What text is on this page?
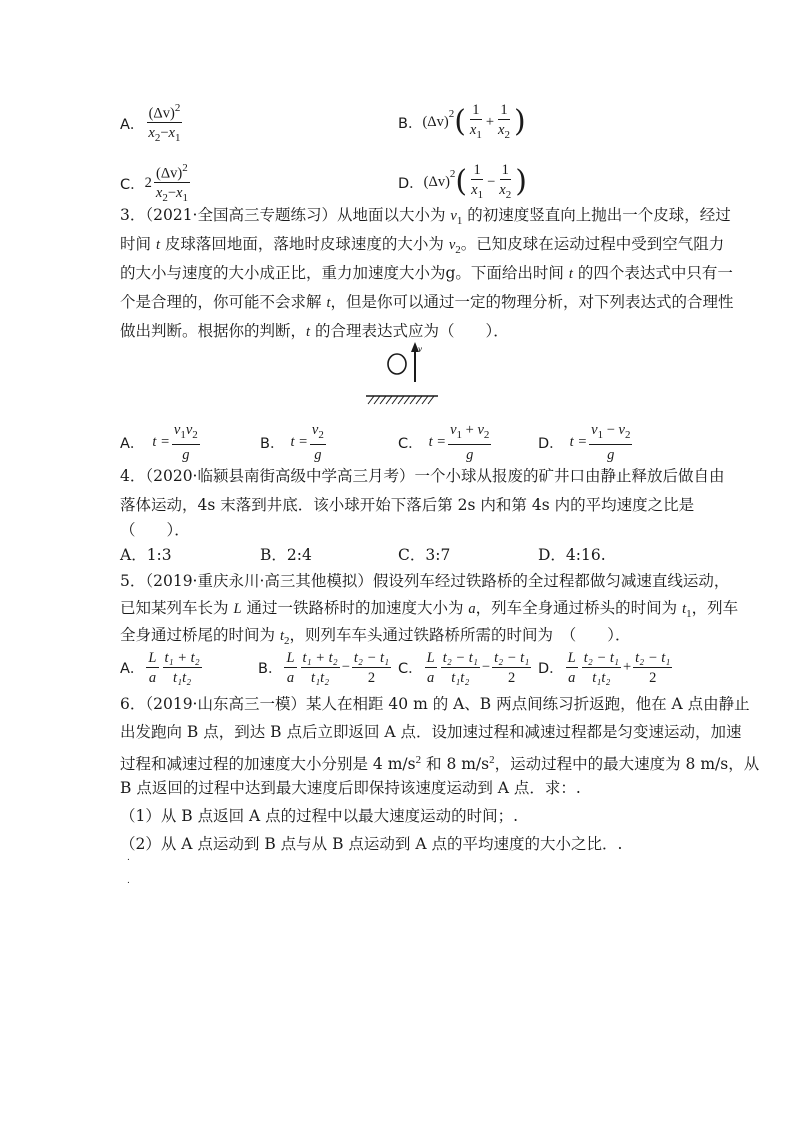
A． $\frac{(\Delta v)^2}{x_2-x_1}$	B． $(\Delta v)^2$ ( $\frac{1}{x_1} + \frac{1}{x_2}$ )
C． $2 \frac{(\Delta v)^2}{x_2-x_1}$	D． $(\Delta v)^2$ ( $\frac{1}{x_1} - \frac{1}{x_2}$ )
3．（2021·全国高三专题练习）从地面以大小为 $v_1$ 的初速度竖直向上抛出一个皮球，经过
时间 t 皮球落回地面，落地时皮球速度的大小为 $v_2$。已知皮球在运动过程中受到空气阻力
的大小与速度的大小成正比，重力加速度大小为g。下面给出时间 t 的四个表达式中只有一
个是合理的，你可能不会求解 t，但是你可以通过一定的物理分析，对下列表达式的合理性
做出判断。根据你的判断，t 的合理表达式应为（　　）．
v
A． $t = \frac{v_1v_2}{g}$	B． $t = \frac{v_2}{g}$	C． $t = \frac{v_1 + v_2}{g}$	D． $t = \frac{v_1 - v_2}{g}$
4．（2020·临颍县南街高级中学高三月考）一个小球从报废的矿井口由静止释放后做自由
落体运动，4s 末落到井底．该小球开始下落后第 2s 内和第 4s 内的平均速度之比是
（　　）．
A．1:3	B．2:4	C．3:7	D．4:16.
5．（2019·重庆永川·高三其他模拟）假设列车经过铁路桥的全过程都做匀减速直线运动，
已知某列车长为 L 通过一铁路桥时的加速度大小为 a，列车全身通过桥头的时间为 $t_1$，列车
全身通过桥尾的时间为 $t_2$，则列车车头通过铁路桥所需的时间为　（　　）．
A． $\frac{L}{a} \frac{\text{t₁ + t₂}}{\text{t₁t₂}}$	B． $\frac{L}{a} \frac{\text{t₁ + t₂}}{\text{t₁t₂}} - \frac{\text{t₂ − t₁}}{2}$ C． $\frac{L}{a} \frac{\text{t₂ − t₁}}{\text{t₁t₂}} - \frac{\text{t₂ − t₁}}{2}$ D． $\frac{L}{a} \frac{\text{t₂ − t₁}}{\text{t₁t₂}} + \frac{\text{t₂ − t₁}}{2}$
6．（2019·山东高三一模）某人在相距 40 m 的 A、B 两点间练习折返跑，他在 A 点由静止
出发跑向 B 点，到达 B 点后立即返回 A 点．设加速过程和减速过程都是匀变速运动，加速
过程和减速过程的加速度大小分别是 4 $m/s^2$ 和 8 $m/s^2$，运动过程中的最大速度为 8 m/s，从
B 点返回的过程中达到最大速度后即保持该速度运动到 A 点．求：.
（1）从 B 点返回 A 点的过程中以最大速度运动的时间；.
（2）从 A 点运动到 B 点与从 B 点运动到 A 点的平均速度的大小之比．.
.
.
